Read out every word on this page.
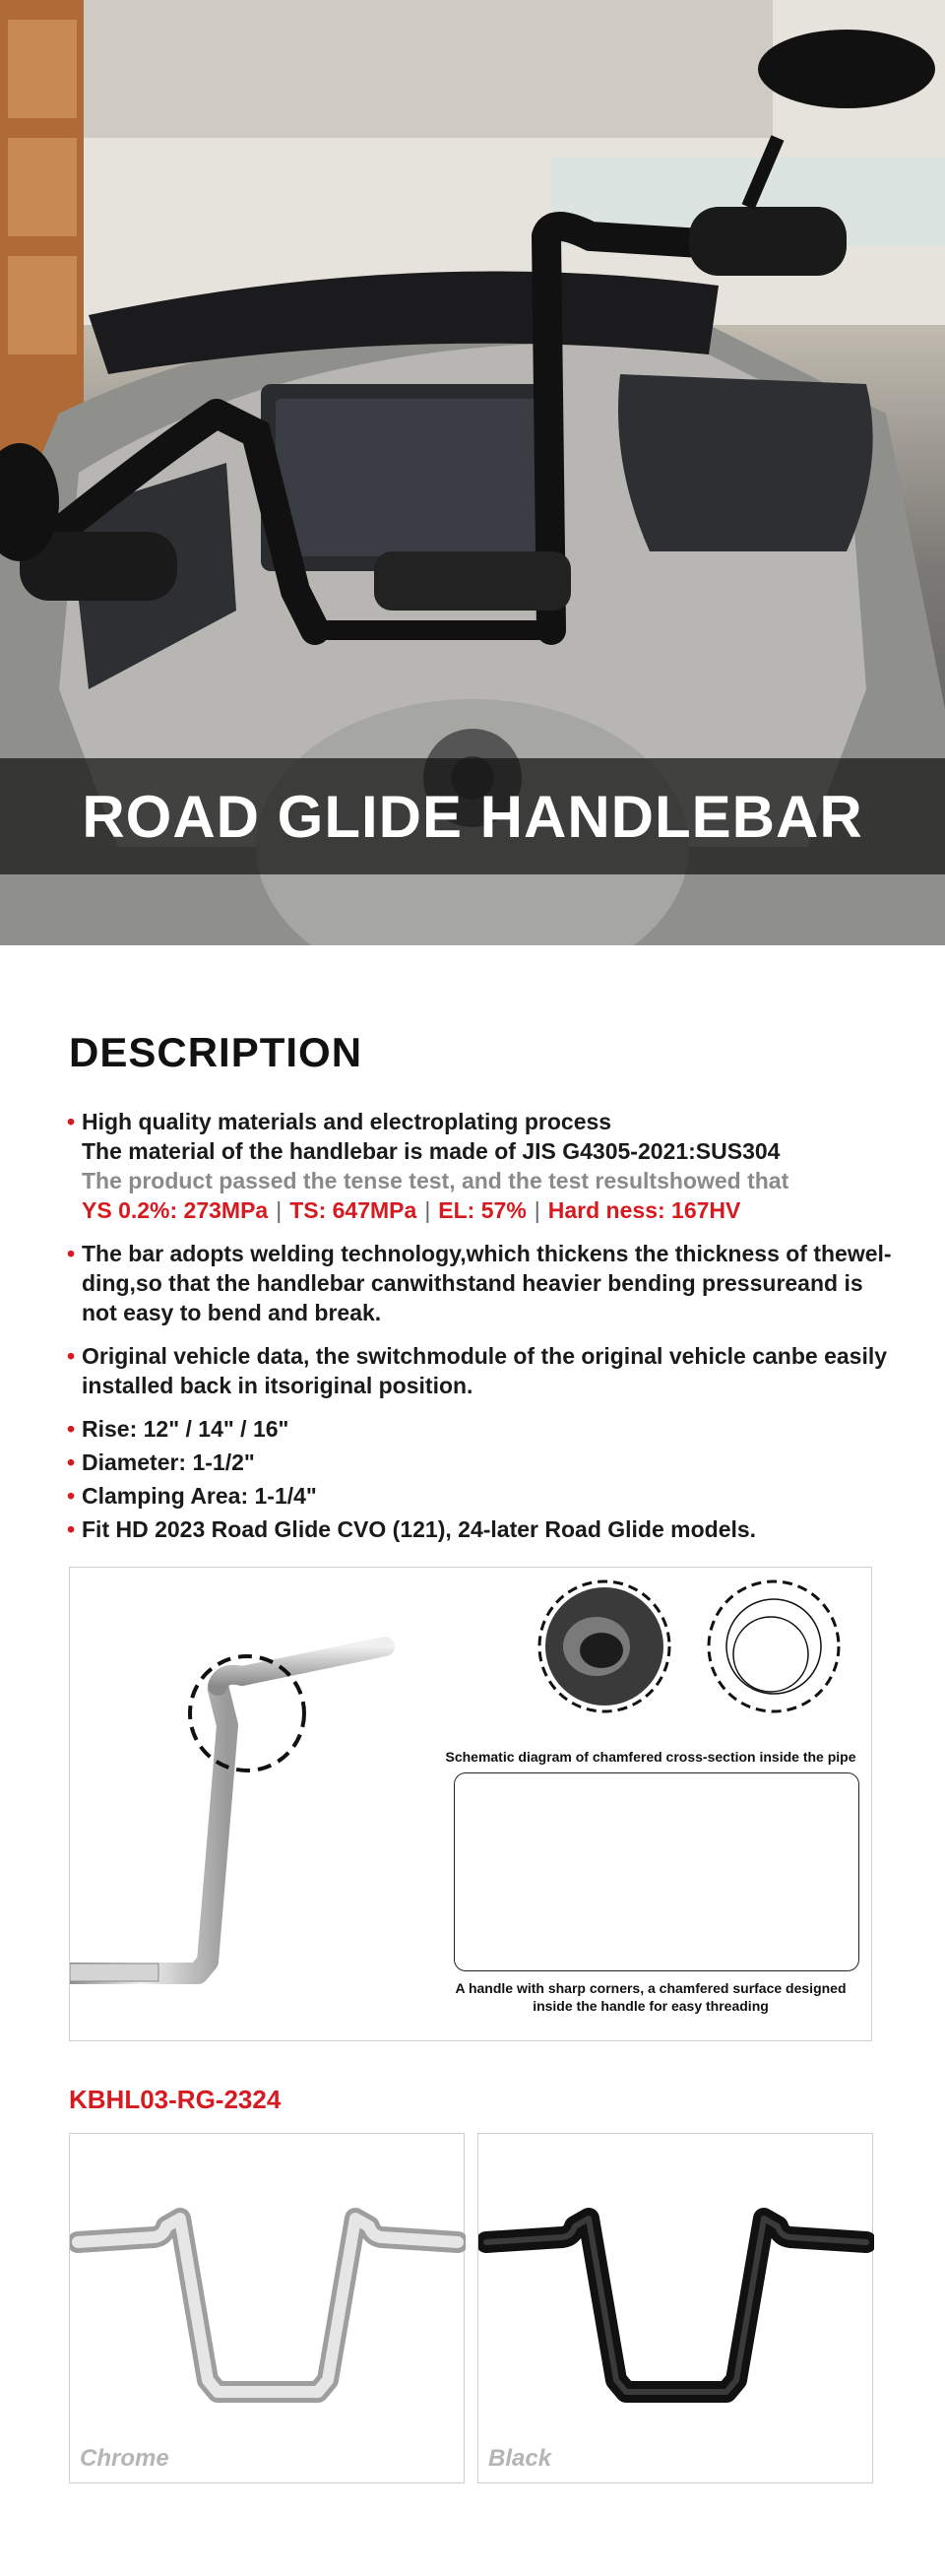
ROAD GLIDE HANDLEBAR
DESCRIPTION
• High quality materials and electroplating process
The material of the handlebar is made of JIS G4305-2021:SUS304
The product passed the tense test, and the test resultshowed that
YS 0.2%: 273MPa | TS: 647MPa | EL: 57% | Hard ness: 167HV
• The bar adopts welding technology,which thickens the thickness of thewel-ding,so that the handlebar canwithstand heavier bending pressureand is not easy to bend and break.
• Original vehicle data, the switchmodule of the original vehicle canbe easily installed back in itsoriginal position.
• Rise: 12" / 14" / 16"
• Diameter: 1-1/2"
• Clamping Area: 1-1/4"
• Fit HD 2023 Road Glide CVO (121), 24-later Road Glide models.
Schematic diagram of chamfered cross-section inside the pipe
A handle with sharp corners, a chamfered surface designed
inside the handle for easy threading
KBHL03-RG-2324
Chrome	Black
